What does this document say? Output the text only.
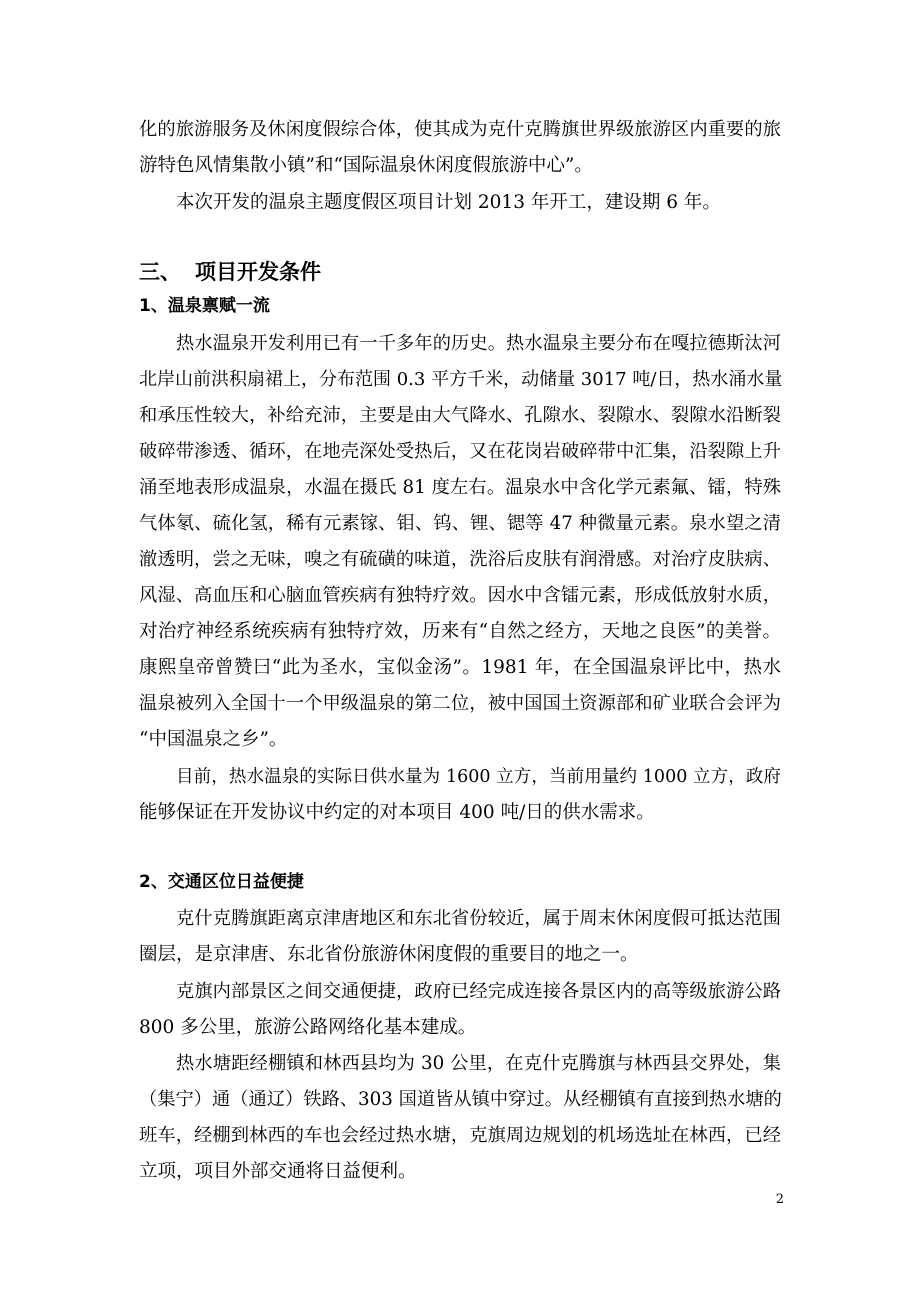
化的旅游服务及休闲度假综合体，使其成为克什克腾旗世界级旅游区内重要的旅
游特色风情集散小镇”和“国际温泉休闲度假旅游中心”。
本次开发的温泉主题度假区项目计划 2013 年开工，建设期 6 年。
三、 项目开发条件
1、温泉禀赋一流
热水温泉开发利用已有一千多年的历史。热水温泉主要分布在嘎拉德斯汰河
北岸山前洪积扇裙上，分布范围 0.3 平方千米，动储量 3017 吨/日，热水涌水量
和承压性较大，补给充沛，主要是由大气降水、孔隙水、裂隙水、裂隙水沿断裂
破碎带渗透、循环，在地壳深处受热后，又在花岗岩破碎带中汇集，沿裂隙上升
涌至地表形成温泉，水温在摄氏 81 度左右。温泉水中含化学元素氟、镭，特殊
气体氡、硫化氢，稀有元素镓、钼、钨、锂、锶等 47 种微量元素。泉水望之清
澈透明，尝之无味，嗅之有硫磺的味道，洗浴后皮肤有润滑感。对治疗皮肤病、
风湿、高血压和心脑血管疾病有独特疗效。因水中含镭元素，形成低放射水质，
对治疗神经系统疾病有独特疗效，历来有“自然之经方，天地之良医”的美誉。
康熙皇帝曾赞曰“此为圣水，宝似金汤”。1981 年，在全国温泉评比中，热水
温泉被列入全国十一个甲级温泉的第二位，被中国国土资源部和矿业联合会评为
“中国温泉之乡”。
目前，热水温泉的实际日供水量为 1600 立方，当前用量约 1000 立方，政府
能够保证在开发协议中约定的对本项目 400 吨/日的供水需求。
2、交通区位日益便捷
克什克腾旗距离京津唐地区和东北省份较近，属于周末休闲度假可抵达范围
圈层，是京津唐、东北省份旅游休闲度假的重要目的地之一。
克旗内部景区之间交通便捷，政府已经完成连接各景区内的高等级旅游公路
800 多公里，旅游公路网络化基本建成。
热水塘距经棚镇和林西县均为 30 公里，在克什克腾旗与林西县交界处，集
（集宁）通（通辽）铁路、303 国道皆从镇中穿过。从经棚镇有直接到热水塘的
班车，经棚到林西的车也会经过热水塘，克旗周边规划的机场选址在林西，已经
立项，项目外部交通将日益便利。
2
